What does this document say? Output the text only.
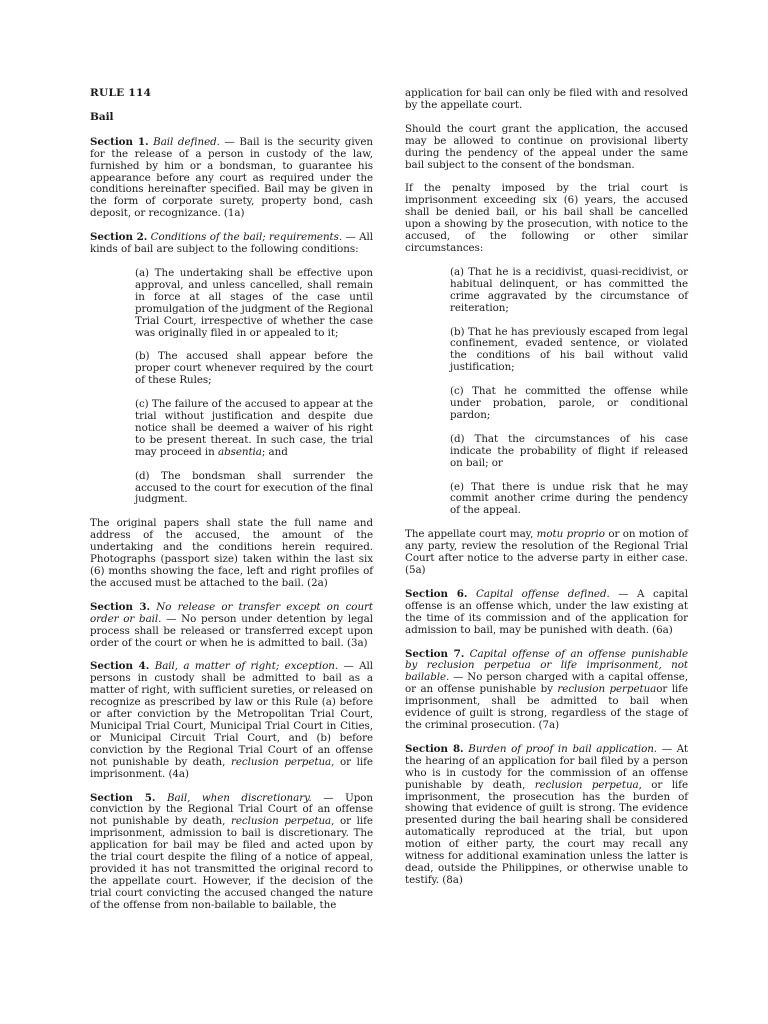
RULE 114
Bail

Section 1. Bail defined. — Bail is the security given for the release of a person in custody of the law, furnished by him or a bondsman, to guarantee his appearance before any court as required under the conditions hereinafter specified. Bail may be given in the form of corporate surety, property bond, cash deposit, or recognizance. (1a)

Section 2. Conditions of the bail; requirements. — All kinds of bail are subject to the following conditions:

(a) The undertaking shall be effective upon approval, and unless cancelled, shall remain in force at all stages of the case until promulgation of the judgment of the Regional Trial Court, irrespective of whether the case was originally filed in or appealed to it;

(b) The accused shall appear before the proper court whenever required by the court of these Rules;

(c) The failure of the accused to appear at the trial without justification and despite due notice shall be deemed a waiver of his right to be present thereat. In such case, the trial may proceed in absentia; and

(d) The bondsman shall surrender the accused to the court for execution of the final judgment.

The original papers shall state the full name and address of the accused, the amount of the undertaking and the conditions herein required. Photographs (passport size) taken within the last six (6) months showing the face, left and right profiles of the accused must be attached to the bail. (2a)

Section 3. No release or transfer except on court order or bail. — No person under detention by legal process shall be released or transferred except upon order of the court or when he is admitted to bail. (3a)

Section 4. Bail, a matter of right; exception. — All persons in custody shall be admitted to bail as a matter of right, with sufficient sureties, or released on recognize as prescribed by law or this Rule (a) before or after conviction by the Metropolitan Trial Court, Municipal Trial Court, Municipal Trial Court in Cities, or Municipal Circuit Trial Court, and (b) before conviction by the Regional Trial Court of an offense not punishable by death, reclusion perpetua, or life imprisonment. (4a)

Section 5. Bail, when discretionary. — Upon conviction by the Regional Trial Court of an offense not punishable by death, reclusion perpetua, or life imprisonment, admission to bail is discretionary. The application for bail may be filed and acted upon by the trial court despite the filing of a notice of appeal, provided it has not transmitted the original record to the appellate court. However, if the decision of the trial court convicting the accused changed the nature of the offense from non-bailable to bailable, the

application for bail can only be filed with and resolved by the appellate court.

Should the court grant the application, the accused may be allowed to continue on provisional liberty during the pendency of the appeal under the same bail subject to the consent of the bondsman.

If the penalty imposed by the trial court is imprisonment exceeding six (6) years, the accused shall be denied bail, or his bail shall be cancelled upon a showing by the prosecution, with notice to the accused, of the following or other similar circumstances:

(a) That he is a recidivist, quasi-recidivist, or habitual delinquent, or has committed the crime aggravated by the circumstance of reiteration;

(b) That he has previously escaped from legal confinement, evaded sentence, or violated the conditions of his bail without valid justification;

(c) That he committed the offense while under probation, parole, or conditional pardon;

(d) That the circumstances of his case indicate the probability of flight if released on bail; or

(e) That there is undue risk that he may commit another crime during the pendency of the appeal.

The appellate court may, motu proprio or on motion of any party, review the resolution of the Regional Trial Court after notice to the adverse party in either case. (5a)

Section 6. Capital offense defined. — A capital offense is an offense which, under the law existing at the time of its commission and of the application for admission to bail, may be punished with death. (6a)

Section 7. Capital offense of an offense punishable by reclusion perpetua or life imprisonment, not bailable. — No person charged with a capital offense, or an offense punishable by reclusion perpetuaor life imprisonment, shall be admitted to bail when evidence of guilt is strong, regardless of the stage of the criminal prosecution. (7a)

Section 8. Burden of proof in bail application. — At the hearing of an application for bail filed by a person who is in custody for the commission of an offense punishable by death, reclusion perpetua, or life imprisonment, the prosecution has the burden of showing that evidence of guilt is strong. The evidence presented during the bail hearing shall be considered automatically reproduced at the trial, but upon motion of either party, the court may recall any witness for additional examination unless the latter is dead, outside the Philippines, or otherwise unable to testify. (8a)
